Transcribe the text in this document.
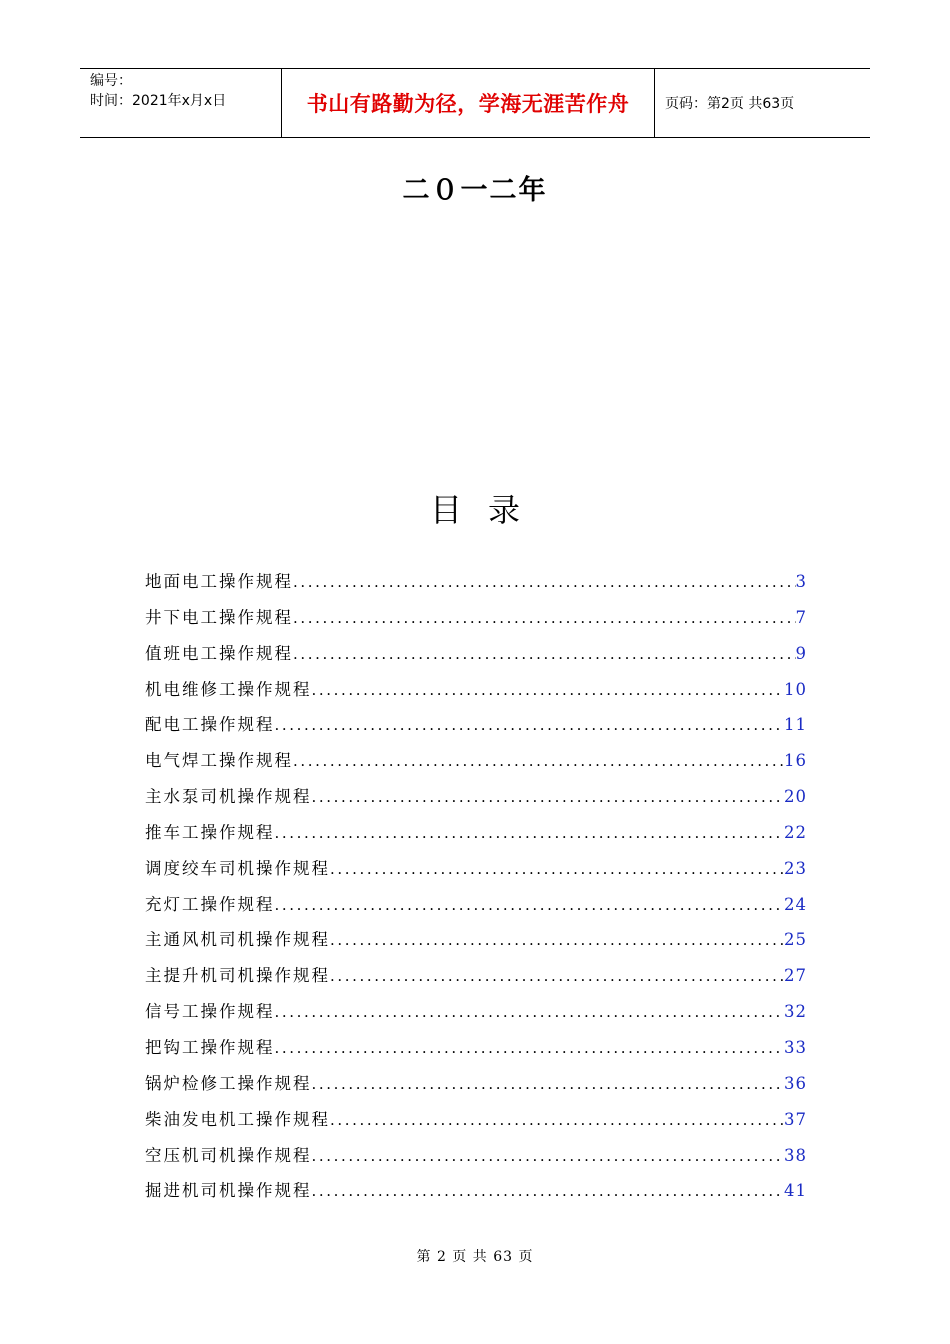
编号：
时间：2021年x月x日	书山有路勤为径，学海无涯苦作舟	页码：第2页 共63页
二０一二年
目录
地面电工操作规程 .....	3
井下电工操作规程 .....	7
值班电工操作规程 .....	9
机电维修工操作规程 .....	10
配电工操作规程 .....	11
电气焊工操作规程 .....	16
主水泵司机操作规程 .....	20
推车工操作规程 .....	22
调度绞车司机操作规程 .....	23
充灯工操作规程 .....	24
主通风机司机操作规程 .....	25
主提升机司机操作规程 .....	27
信号工操作规程 .....	32
把钩工操作规程 .....	33
锅炉检修工操作规程 .....	36
柴油发电机工操作规程 .....	37
空压机司机操作规程 .....	38
掘进机司机操作规程 .....	41
第 2 页 共 63 页
